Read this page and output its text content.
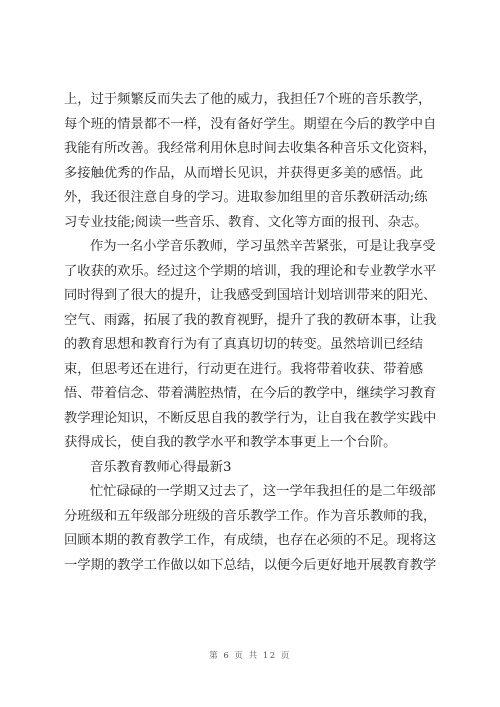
上，过于频繁反而失去了他的威力，我担任7个班的音乐教学，
每个班的情景都不一样，没有备好学生。期望在今后的教学中自
我能有所改善。我经常利用休息时间去收集各种音乐文化资料，
多接触优秀的作品，从而增长见识，并获得更多美的感悟。此
外，我还很注意自身的学习。进取参加组里的音乐教研活动;练
习专业技能;阅读一些音乐、教育、文化等方面的报刊、杂志。
作为一名小学音乐教师，学习虽然辛苦紧张，可是让我享受
了收获的欢乐。经过这个学期的培训，我的理论和专业教学水平
同时得到了很大的提升，让我感受到国培计划培训带来的阳光、
空气、雨露，拓展了我的教育视野，提升了我的教研本事，让我
的教育思想和教育行为有了真真切切的转变。虽然培训已经结
束，但思考还在进行，行动更在进行。我将带着收获、带着感
悟、带着信念、带着满腔热情，在今后的教学中，继续学习教育
教学理论知识，不断反思自我的教学行为，让自我在教学实践中
获得成长，使自我的教学水平和教学本事更上一个台阶。
音乐教育教师心得最新3
忙忙碌碌的一学期又过去了，这一学年我担任的是二年级部
分班级和五年级部分班级的音乐教学工作。作为音乐教师的我，
回顾本期的教育教学工作，有成绩，也存在必须的不足。现将这
一学期的教学工作做以如下总结，以便今后更好地开展教育教学
第 6 页 共 12 页
